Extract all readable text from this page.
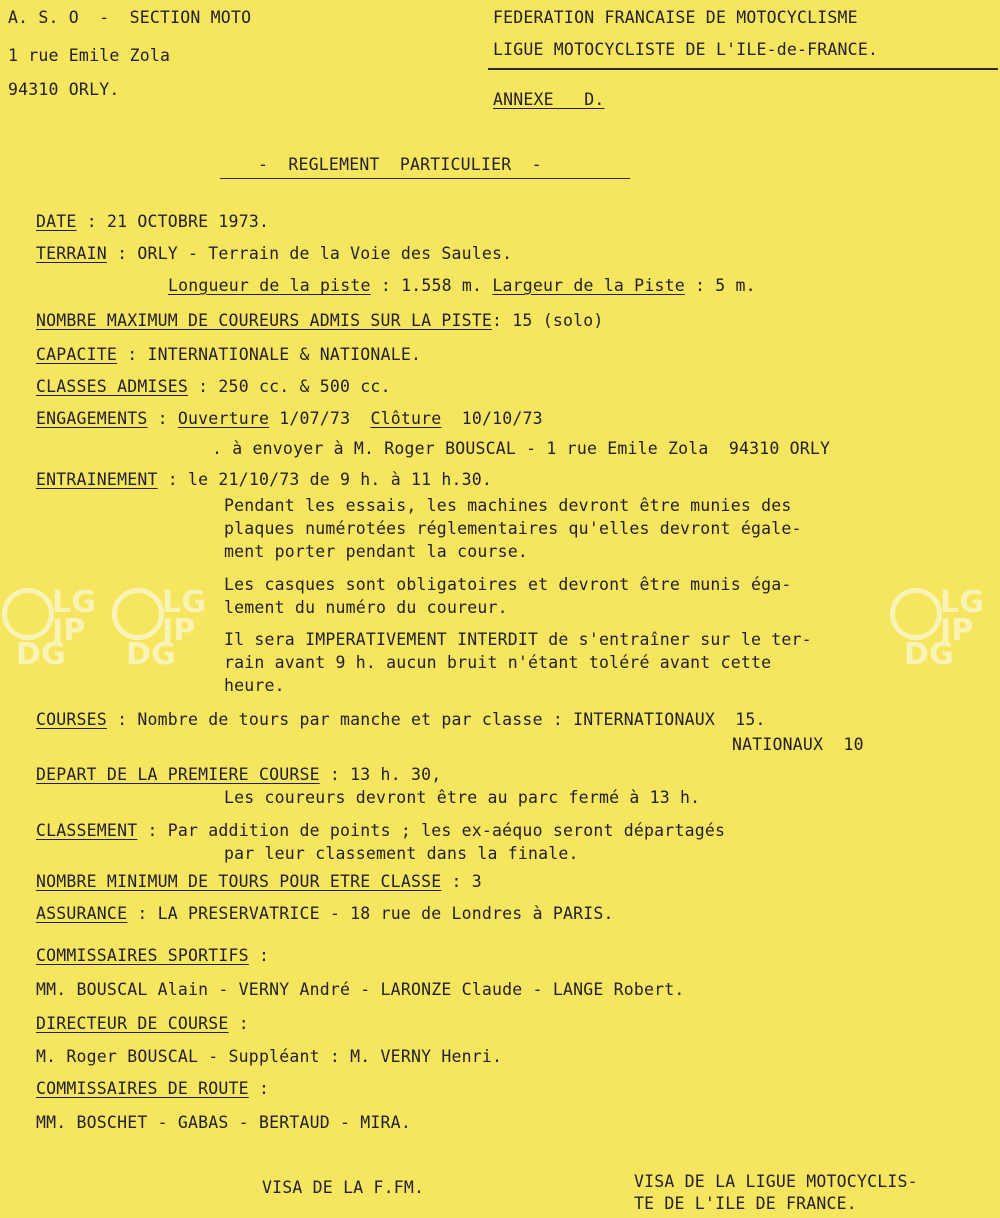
LG
JP
DG
LG
JP
DG
LG
JP
DG
A. S. O  -  SECTION MOTO
1 rue Emile Zola
94310 ORLY.
FEDERATION FRANCAISE DE MOTOCYCLISME
LIGUE MOTOCYCLISTE DE L'ILE-de-FRANCE.
ANNEXE   D.
-  REGLEMENT  PARTICULIER  -
DATE : 21 OCTOBRE 1973.
TERRAIN : ORLY - Terrain de la Voie des Saules.
Longueur de la piste : 1.558 m. Largeur de la Piste : 5 m.
NOMBRE MAXIMUM DE COUREURS ADMIS SUR LA PISTE: 15 (solo)
CAPACITE : INTERNATIONALE & NATIONALE.
CLASSES ADMISES : 250 cc. & 500 cc.
ENGAGEMENTS : Ouverture 1/07/73 Clôture 10/10/73
. à envoyer à M. Roger BOUSCAL - 1 rue Emile Zola  94310 ORLY
ENTRAINEMENT : le 21/10/73 de 9 h. à 11 h.30.
Pendant les essais, les machines devront être munies des
plaques numérotées réglementaires qu'elles devront égale-
ment porter pendant la course.
Les casques sont obligatoires et devront être munis éga-
lement du numéro du coureur.
Il sera IMPERATIVEMENT INTERDIT de s'entraîner sur le ter-
rain avant 9 h. aucun bruit n'étant toléré avant cette
heure.
COURSES : Nombre de tours par manche et par classe : INTERNATIONAUX  15.
NATIONAUX  10
DEPART DE LA PREMIERE COURSE : 13 h. 30,
Les coureurs devront être au parc fermé à 13 h.
CLASSEMENT : Par addition de points ; les ex-aéquo seront départagés
par leur classement dans la finale.
NOMBRE MINIMUM DE TOURS POUR ETRE CLASSE : 3
ASSURANCE : LA PRESERVATRICE - 18 rue de Londres à PARIS.
COMMISSAIRES SPORTIFS :
MM. BOUSCAL Alain - VERNY André - LARONZE Claude - LANGE Robert.
DIRECTEUR DE COURSE :
M. Roger BOUSCAL - Suppléant : M. VERNY Henri.
COMMISSAIRES DE ROUTE :
MM. BOSCHET - GABAS - BERTAUD - MIRA.
VISA DE LA F.FM.	VISA DE LA LIGUE MOTOCYCLIS-
TE DE L'ILE DE FRANCE.
